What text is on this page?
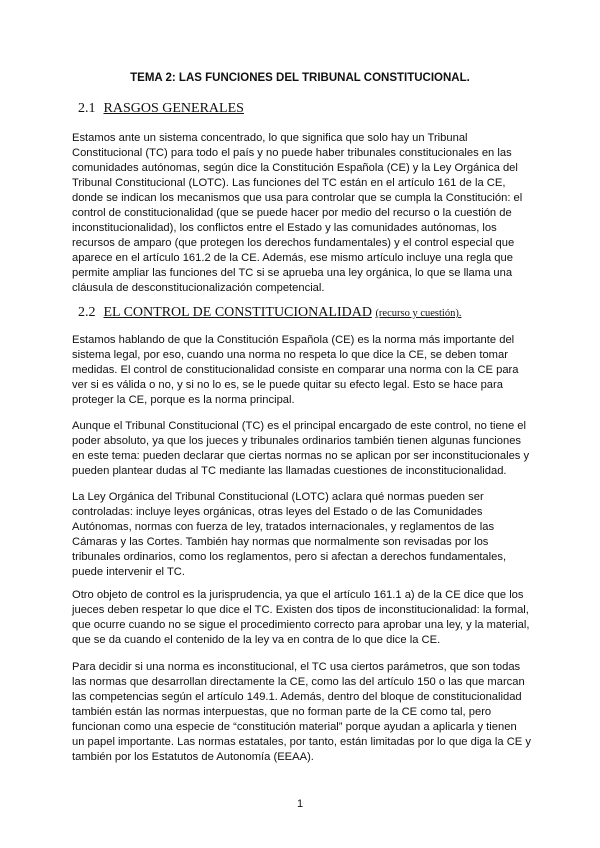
TEMA 2: LAS FUNCIONES DEL TRIBUNAL CONSTITUCIONAL.
2.1 RASGOS GENERALES

Estamos ante un sistema concentrado, lo que significa que solo hay un Tribunal Constitucional (TC) para todo el país y no puede haber tribunales constitucionales en las comunidades autónomas, según dice la Constitución Española (CE) y la Ley Orgánica del Tribunal Constitucional (LOTC). Las funciones del TC están en el artículo 161 de la CE, donde se indican los mecanismos que usa para controlar que se cumpla la Constitución: el control de constitucionalidad (que se puede hacer por medio del recurso o la cuestión de inconstitucionalidad), los conflictos entre el Estado y las comunidades autónomas, los recursos de amparo (que protegen los derechos fundamentales) y el control especial que aparece en el artículo 161.2 de la CE. Además, ese mismo artículo incluye una regla que permite ampliar las funciones del TC si se aprueba una ley orgánica, lo que se llama una cláusula de desconstitucionalización competencial.

2.2 EL CONTROL DE CONSTITUCIONALIDAD (recurso y cuestión).

Estamos hablando de que la Constitución Española (CE) es la norma más importante del sistema legal, por eso, cuando una norma no respeta lo que dice la CE, se deben tomar medidas. El control de constitucionalidad consiste en comparar una norma con la CE para ver si es válida o no, y si no lo es, se le puede quitar su efecto legal. Esto se hace para proteger la CE, porque es la norma principal.

Aunque el Tribunal Constitucional (TC) es el principal encargado de este control, no tiene el poder absoluto, ya que los jueces y tribunales ordinarios también tienen algunas funciones en este tema: pueden declarar que ciertas normas no se aplican por ser inconstitucionales y pueden plantear dudas al TC mediante las llamadas cuestiones de inconstitucionalidad.

La Ley Orgánica del Tribunal Constitucional (LOTC) aclara qué normas pueden ser controladas: incluye leyes orgánicas, otras leyes del Estado o de las Comunidades Autónomas, normas con fuerza de ley, tratados internacionales, y reglamentos de las Cámaras y las Cortes. También hay normas que normalmente son revisadas por los tribunales ordinarios, como los reglamentos, pero si afectan a derechos fundamentales, puede intervenir el TC.

Otro objeto de control es la jurisprudencia, ya que el artículo 161.1 a) de la CE dice que los jueces deben respetar lo que dice el TC. Existen dos tipos de inconstitucionalidad: la formal, que ocurre cuando no se sigue el procedimiento correcto para aprobar una ley, y la material, que se da cuando el contenido de la ley va en contra de lo que dice la CE.

Para decidir si una norma es inconstitucional, el TC usa ciertos parámetros, que son todas las normas que desarrollan directamente la CE, como las del artículo 150 o las que marcan las competencias según el artículo 149.1. Además, dentro del bloque de constitucionalidad también están las normas interpuestas, que no forman parte de la CE como tal, pero funcionan como una especie de “constitución material” porque ayudan a aplicarla y tienen un papel importante. Las normas estatales, por tanto, están limitadas por lo que diga la CE y también por los Estatutos de Autonomía (EEAA).

1
